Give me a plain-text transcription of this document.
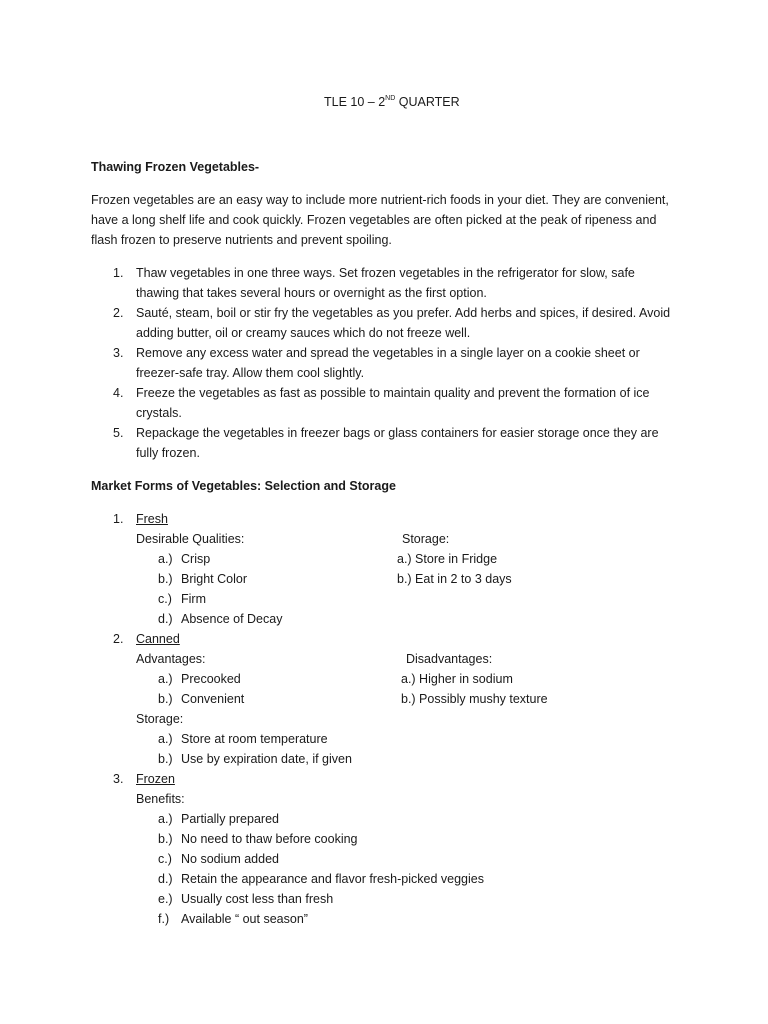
TLE 10 – 2ND QUARTER
Thawing Frozen Vegetables-
Frozen vegetables are an easy way to include more nutrient-rich foods in your diet. They are convenient,
have a long shelf life and cook quickly. Frozen vegetables are often picked at the peak of ripeness and
flash frozen to preserve nutrients and prevent spoiling.
1. Thaw vegetables in one three ways. Set frozen vegetables in the refrigerator for slow, safe
thawing that takes several hours or overnight as the first option.
2. Sauté, steam, boil or stir fry the vegetables as you prefer. Add herbs and spices, if desired. Avoid
adding butter, oil or creamy sauces which do not freeze well.
3. Remove any excess water and spread the vegetables in a single layer on a cookie sheet or
freezer-safe tray. Allow them cool slightly.
4. Freeze the vegetables as fast as possible to maintain quality and prevent the formation of ice
crystals.
5. Repackage the vegetables in freezer bags or glass containers for easier storage once they are
fully frozen.
Market Forms of Vegetables: Selection and Storage
1. Fresh
Desirable Qualities:	Storage:
a.) Crisp	a.) Store in Fridge
b.) Bright Color	b.) Eat in 2 to 3 days
c.) Firm
d.) Absence of Decay
2. Canned
Advantages:	Disadvantages:
a.) Precooked	a.) Higher in sodium
b.) Convenient	b.) Possibly mushy texture
Storage:
a.) Store at room temperature
b.) Use by expiration date, if given
3. Frozen
Benefits:
a.) Partially prepared
b.) No need to thaw before cooking
c.) No sodium added
d.) Retain the appearance and flavor fresh-picked veggies
e.) Usually cost less than fresh
f.) Available “ out season”
